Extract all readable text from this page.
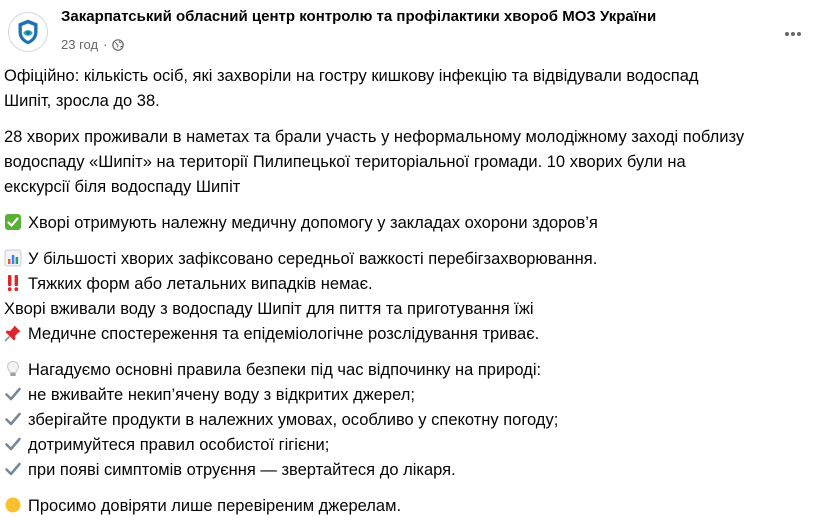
Закарпатський обласний центр контролю та профілактики хвороб МОЗ України
23 год ·
Офіційно: кількість осіб, які захворіли на гостру кишкову інфекцію та відвідували водоспад
Шипіт, зросла до 38.
28 хворих проживали в наметах та брали участь у неформальному молодіжному заході поблизу
водоспаду «Шипіт» на території Пилипецької територіальної громади. 10 хворих були на
екскурсії біля водоспаду Шипіт
Хворі отримують належну медичну допомогу у закладах охорони здоров’я
У більшості хворих зафіксовано середньої важкості перебігзахворювання.
Тяжких форм або летальних випадків немає.
Хворі вживали воду з водоспаду Шипіт для пиття та приготування їжі
Медичне спостереження та епідеміологічне розслідування триває.
Нагадуємо основні правила безпеки під час відпочинку на природі:
не вживайте некип’ячену воду з відкритих джерел;
зберігайте продукти в належних умовах, особливо у спекотну погоду;
дотримуйтеся правил особистої гігієни;
при появі симптомів отруєння — звертайтеся до лікаря.
Просимо довіряти лише перевіреним джерелам.
